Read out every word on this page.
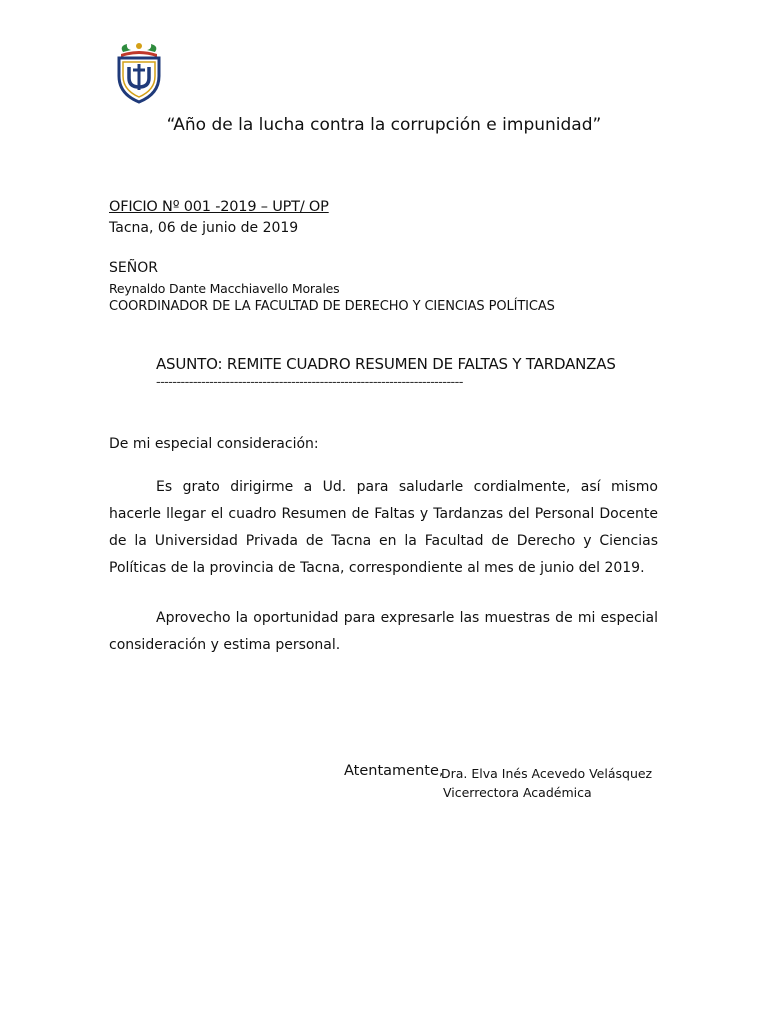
“Año de la lucha contra la corrupción e impunidad”
OFICIO Nº 001 -2019 – UPT/ OP
Tacna, 06 de junio de 2019
SEÑOR
Reynaldo Dante Macchiavello Morales
COORDINADOR DE LA FACULTAD DE DERECHO Y CIENCIAS POLÍTICAS
ASUNTO: REMITE CUADRO RESUMEN DE FALTAS Y TARDANZAS
---------------------------------------------------------------------------
De mi especial consideración:

Es grato dirigirme a Ud. para saludarle cordialmente, así mismo hacerle llegar el cuadro Resumen de Faltas y Tardanzas del Personal Docente de la Universidad Privada de Tacna en la Facultad de Derecho y Ciencias Políticas de la provincia de Tacna, correspondiente al mes de junio del 2019.

Aprovecho la oportunidad para expresarle las muestras de mi especial consideración y estima personal.

Atentamente,
Dra. Elva Inés Acevedo Velásquez
Vicerrectora Académica
